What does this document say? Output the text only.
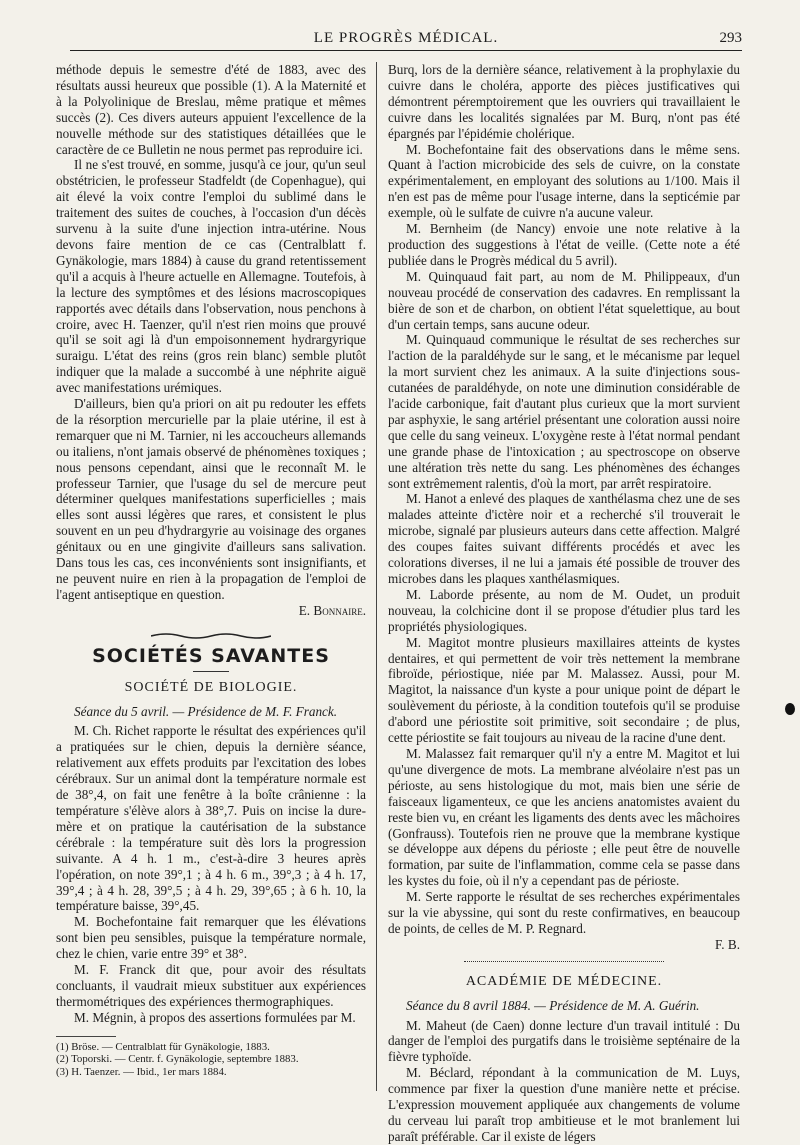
LE PROGRÈS MÉDICAL.	293

méthode depuis le semestre d'été de 1883, avec des résultats aussi heureux que possible (1). A la Maternité et à la Polyolinique de Breslau, même pratique et mêmes succès (2). Ces divers auteurs appuient l'excellence de la nouvelle méthode sur des statistiques détaillées que le caractère de ce Bulletin ne nous permet pas reproduire ici.

Il ne s'est trouvé, en somme, jusqu'à ce jour, qu'un seul obstétricien, le professeur Stadfeldt (de Copenhague), qui ait élevé la voix contre l'emploi du sublimé dans le traitement des suites de couches, à l'occasion d'un décès survenu à la suite d'une injection intra-utérine. Nous devons faire mention de ce cas (Centralblatt f. Gynäkologie, mars 1884) à cause du grand retentissement qu'il a acquis à l'heure actuelle en Allemagne. Toutefois, à la lecture des symptômes et des lésions macroscopiques rapportés avec détails dans l'observation, nous penchons à croire, avec H. Taenzer, qu'il n'est rien moins que prouvé qu'il se soit agi là d'un empoisonnement hydrargyrique suraigu. L'état des reins (gros rein blanc) semble plutôt indiquer que la malade a succombé à une néphrite aiguë avec manifestations urémiques.

D'ailleurs, bien qu'a priori on ait pu redouter les effets de la résorption mercurielle par la plaie utérine, il est à remarquer que ni M. Tarnier, ni les accoucheurs allemands ou italiens, n'ont jamais observé de phénomènes toxiques ; nous pensons cependant, ainsi que le reconnaît M. le professeur Tarnier, que l'usage du sel de mercure peut déterminer quelques manifestations superficielles ; mais elles sont aussi légères que rares, et consistent le plus souvent en un peu d'hydrargyrie au voisinage des organes génitaux ou en une gingivite d'ailleurs sans salivation. Dans tous les cas, ces inconvénients sont insignifiants, et ne peuvent nuire en rien à la propagation de l'emploi de l'agent antiseptique en question.

E. Bonnaire.

SOCIÉTÉS SAVANTES
SOCIÉTÉ DE BIOLOGIE.

Séance du 5 avril. — Présidence de M. F. Franck.

M. Ch. Richet rapporte le résultat des expériences qu'il a pratiquées sur le chien, depuis la dernière séance, relativement aux effets produits par l'excitation des lobes cérébraux. Sur un animal dont la température normale est de 38°,4, on fait une fenêtre à la boîte crânienne : la température s'élève alors à 38°,7. Puis on incise la dure-mère et on pratique la cautérisation de la substance cérébrale : la température suit dès lors la progression suivante. A 4 h. 1 m., c'est-à-dire 3 heures après l'opération, on note 39°,1 ; à 4 h. 6 m., 39°,3 ; à 4 h. 17, 39°,4 ; à 4 h. 28, 39°,5 ; à 4 h. 29, 39°,65 ; à 6 h. 10, la température baisse, 39°,45.

M. Bochefontaine fait remarquer que les élévations sont bien peu sensibles, puisque la température normale, chez le chien, varie entre 39° et 38°.

M. F. Franck dit que, pour avoir des résultats concluants, il vaudrait mieux substituer aux expériences thermométriques des expériences thermographiques.

M. Mégnin, à propos des assertions formulées par M.

(1) Bröse. — Centralblatt für Gynäkologie, 1883.

(2) Toporski. — Centr. f. Gynäkologie, septembre 1883.

(3) H. Taenzer. — Ibid., 1er mars 1884.

Burq, lors de la dernière séance, relativement à la prophylaxie du cuivre dans le choléra, apporte des pièces justificatives qui démontrent péremptoirement que les ouvriers qui travaillaient le cuivre dans les localités signalées par M. Burq, n'ont pas été épargnés par l'épidémie cholérique.

M. Bochefontaine fait des observations dans le même sens. Quant à l'action microbicide des sels de cuivre, on la constate expérimentalement, en employant des solutions au 1/100. Mais il n'en est pas de même pour l'usage interne, dans la septicémie par exemple, où le sulfate de cuivre n'a aucune valeur.

M. Bernheim (de Nancy) envoie une note relative à la production des suggestions à l'état de veille. (Cette note a été publiée dans le Progrès médical du 5 avril).

M. Quinquaud fait part, au nom de M. Philippeaux, d'un nouveau procédé de conservation des cadavres. En remplissant la bière de son et de charbon, on obtient l'état squelettique, au bout d'un certain temps, sans aucune odeur.

M. Quinquaud communique le résultat de ses recherches sur l'action de la paraldéhyde sur le sang, et le mécanisme par lequel la mort survient chez les animaux. A la suite d'injections sous-cutanées de paraldéhyde, on note une diminution considérable de l'acide carbonique, fait d'autant plus curieux que la mort survient par asphyxie, le sang artériel présentant une coloration aussi noire que celle du sang veineux. L'oxygène reste à l'état normal pendant une grande phase de l'intoxication ; au spectroscope on observe une altération très nette du sang. Les phénomènes des échanges sont extrêmement ralentis, d'où la mort, par arrêt respiratoire.

M. Hanot a enlevé des plaques de xanthélasma chez une de ses malades atteinte d'ictère noir et a recherché s'il trouverait le microbe, signalé par plusieurs auteurs dans cette affection. Malgré des coupes faites suivant différents procédés et avec les colorations diverses, il ne lui a jamais été possible de trouver des microbes dans les plaques xanthélasmiques.

M. Laborde présente, au nom de M. Oudet, un produit nouveau, la colchicine dont il se propose d'étudier plus tard les propriétés physiologiques.

M. Magitot montre plusieurs maxillaires atteints de kystes dentaires, et qui permettent de voir très nettement la membrane fibroïde, périostique, niée par M. Malassez. Aussi, pour M. Magitot, la naissance d'un kyste a pour unique point de départ le soulèvement du périoste, à la condition toutefois qu'il se produise d'abord une périostite soit primitive, soit secondaire ; de plus, cette périostite se fait toujours au niveau de la racine d'une dent.

M. Malassez fait remarquer qu'il n'y a entre M. Magitot et lui qu'une divergence de mots. La membrane alvéolaire n'est pas un périoste, au sens histologique du mot, mais bien une série de faisceaux ligamenteux, ce que les anciens anatomistes avaient du reste bien vu, en créant les ligaments des dents avec les mâchoires (Gonfrauss). Toutefois rien ne prouve que la membrane kystique se développe aux dépens du périoste ; elle peut être de nouvelle formation, par suite de l'inflammation, comme cela se passe dans les kystes du foie, où il n'y a cependant pas de périoste.

M. Serte rapporte le résultat de ses recherches expérimentales sur la vie abyssine, qui sont du reste confirmatives, en beaucoup de points, de celles de M. P. Regnard.

F. B.

ACADÉMIE DE MÉDECINE.

Séance du 8 avril 1884. — Présidence de M. A. Guérin.

M. Maheut (de Caen) donne lecture d'un travail intitulé : Du danger de l'emploi des purgatifs dans le troisième septénaire de la fièvre typhoïde.

M. Béclard, répondant à la communication de M. Luys, commence par fixer la question d'une manière nette et précise. L'expression mouvement appliquée aux changements de volume du cerveau lui paraît trop ambitieuse et le mot branlement lui paraît préférable. Car il existe de légers
